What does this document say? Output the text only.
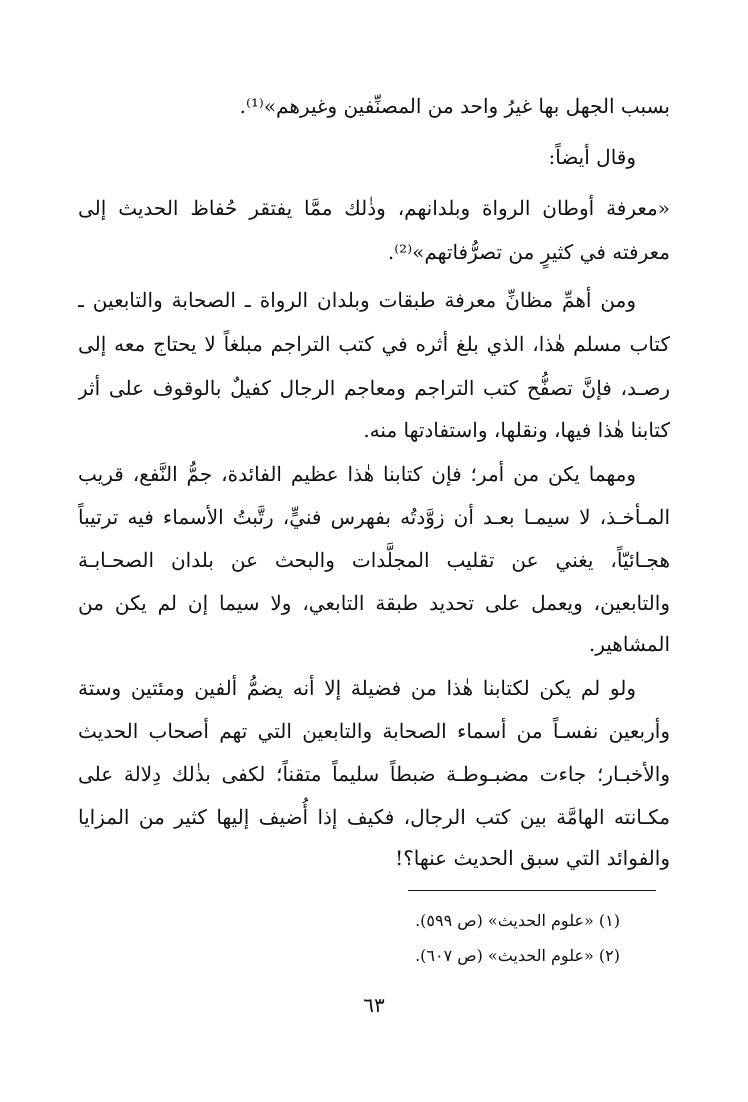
بسبب الجهل بها غيرُ واحد من المصنِّفين وغيرهم»⁽¹⁾.
وقال أيضاً:
«معرفة أوطان الرواة وبلدانهم، وذٰلك ممَّا يفتقر حُفاظ الحديث إلى
معرفته في كثيرٍ من تصرُّفاتهم»⁽²⁾.
ومن أهمِّ مظانِّ معرفة طبقات وبلدان الرواة ـ الصحابة والتابعين ـ
كتاب مسلم هٰذا، الذي بلغ أثره في كتب التراجم مبلغاً لا يحتاج معه إلى
رصـد، فإنَّ تصفُّح كتب التراجم ومعاجم الرجال كفيلٌ بالوقوف على أثر
كتابنا هٰذا فيها، ونقلها، واستفادتها منه.
ومهما يكن من أمر؛ فإن كتابنا هٰذا عظيم الفائدة، جمُّ النَّفع، قريب
المـأخـذ، لا سيمـا بعـد أن زوَّدتُه بفهرس فنيٍّ، رتَّبتُ الأسماء فيه ترتيباً
هجـائيّاً، يغني عن تقليب المجلَّدات والبحث عن بلدان الصحـابـة
والتابعين، ويعمل على تحديد طبقة التابعي، ولا سيما إن لم يكن من
المشاهير.
ولو لم يكن لكتابنا هٰذا من فضيلة إلا أنه يضمُّ ألفين ومئتين وستة
وأربعين نفسـاً من أسماء الصحابة والتابعين التي تهم أصحاب الحديث
والأخبـار؛ جاءت مضبـوطـة ضبطاً سليماً متقناً؛ لكفى بذٰلك دِلالة على
مكـانته الهامَّة بين كتب الرجال، فكيف إذا أُضيف إليها كثير من المزايا
والفوائد التي سبق الحديث عنها؟!
(١) «علوم الحديث» (ص ٥٩٩).
(٢) «علوم الحديث» (ص ٦٠٧).
٦٣
